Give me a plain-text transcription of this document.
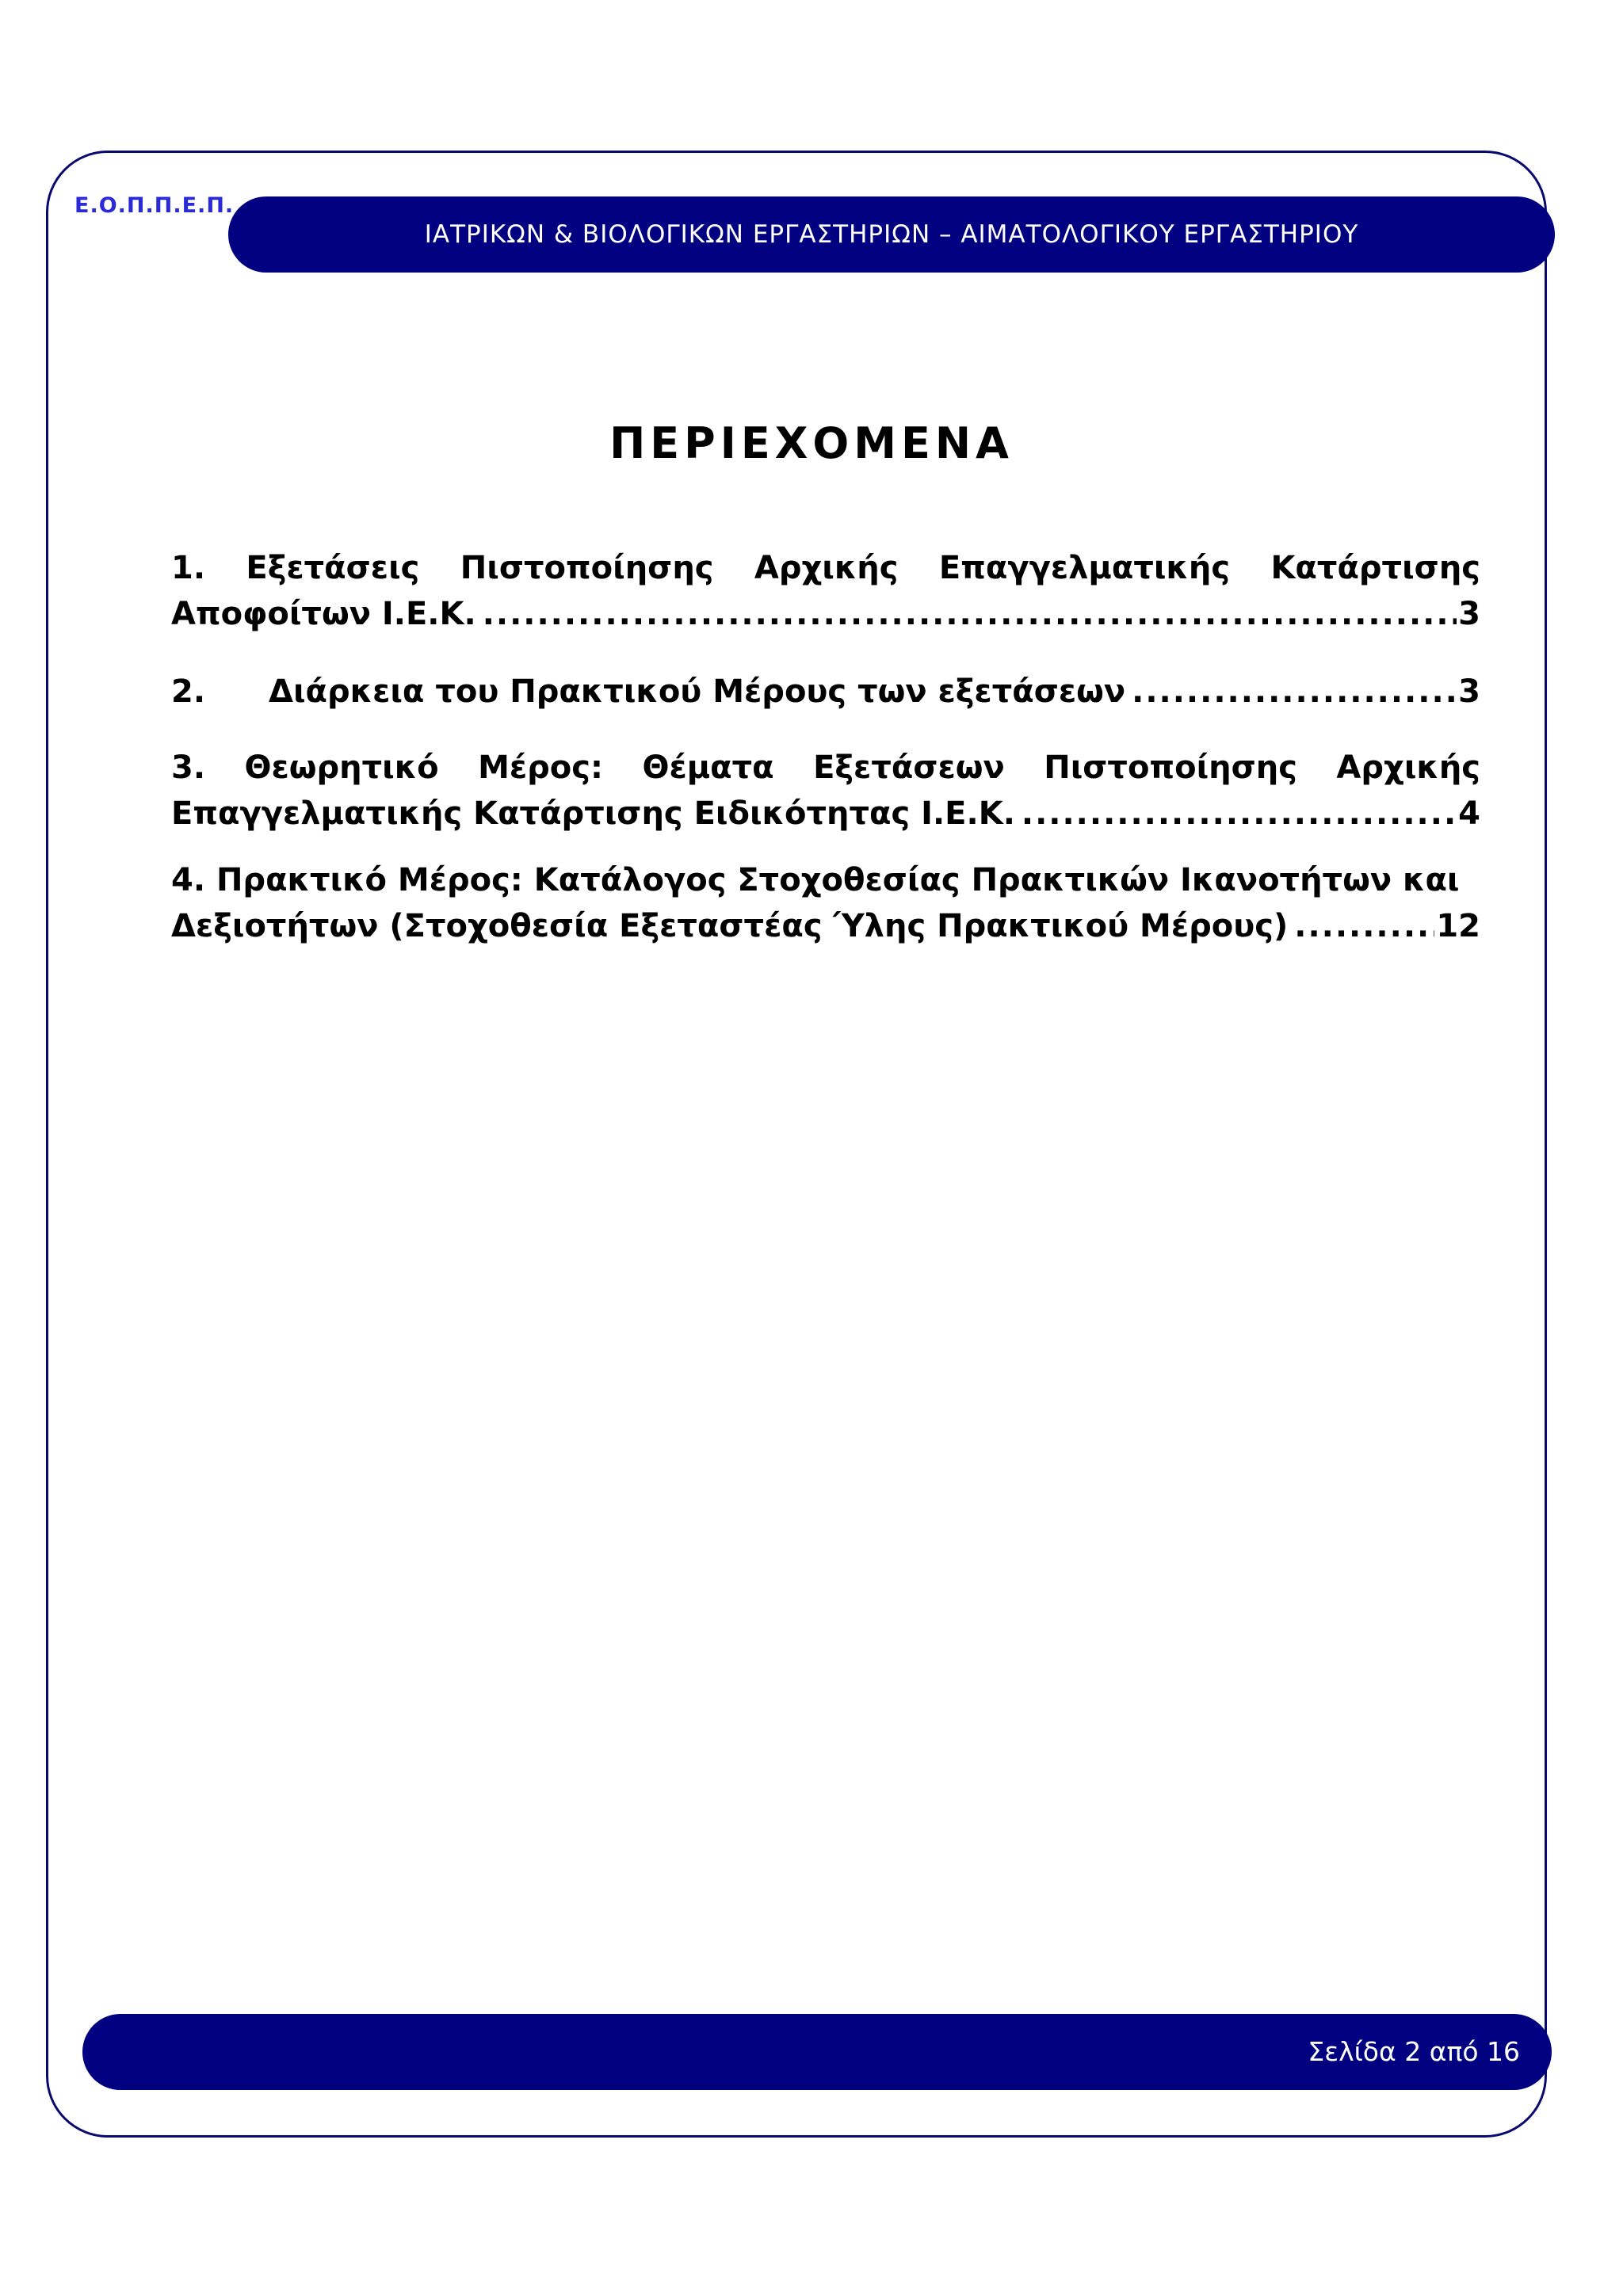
Ε.Ο.Π.Π.Ε.Π.
ΙΑΤΡΙΚΩΝ & ΒΙΟΛΟΓΙΚΩΝ ΕΡΓΑΣΤΗΡΙΩΝ – ΑΙΜΑΤΟΛΟΓΙΚΟΥ ΕΡΓΑΣΤΗΡΙΟΥ
ΠΕΡΙΕΧΟΜΕΝΑ
1. Εξετάσεις Πιστοποίησης Αρχικής Επαγγελματικής Κατάρτισης
Αποφοίτων Ι.Ε.Κ. .....	3
2.	Διάρκεια του Πρακτικού Μέρους των εξετάσεων .....	3
3. Θεωρητικό Μέρος: Θέματα Εξετάσεων Πιστοποίησης Αρχικής
Επαγγελματικής Κατάρτισης Ειδικότητας Ι.Ε.Κ. .....	4
4. Πρακτικό Μέρος: Κατάλογος Στοχοθεσίας Πρακτικών Ικανοτήτων και
Δεξιοτήτων (Στοχοθεσία Εξεταστέας Ύλης Πρακτικού Μέρους) .....	12
Σελίδα 2 από 16
